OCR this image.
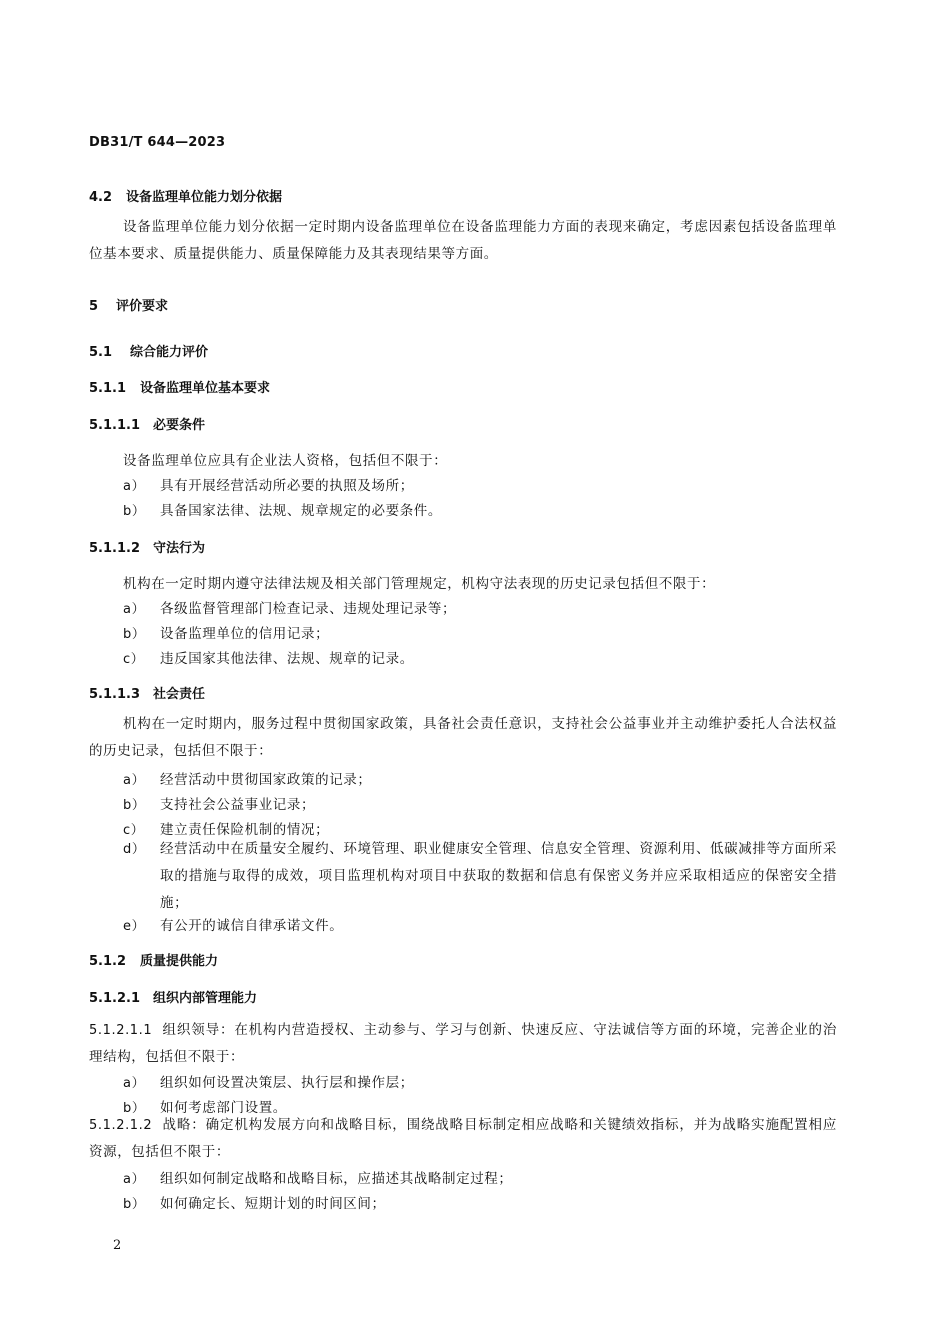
DB31/T 644—2023
4.2 设备监理单位能力划分依据
设备监理单位能力划分依据一定时期内设备监理单位在设备监理能力方面的表现来确定，考虑因素包括设备监理单位基本要求、质量提供能力、质量保障能力及其表现结果等方面。
5 评价要求
5.1 综合能力评价
5.1.1 设备监理单位基本要求
5.1.1.1 必要条件
设备监理单位应具有企业法人资格，包括但不限于：
a） 具有开展经营活动所必要的执照及场所；
b） 具备国家法律、法规、规章规定的必要条件。
5.1.1.2 守法行为
机构在一定时期内遵守法律法规及相关部门管理规定，机构守法表现的历史记录包括但不限于：
a） 各级监督管理部门检查记录、违规处理记录等；
b） 设备监理单位的信用记录；
c） 违反国家其他法律、法规、规章的记录。
5.1.1.3 社会责任
机构在一定时期内，服务过程中贯彻国家政策，具备社会责任意识，支持社会公益事业并主动维护委托人合法权益的历史记录，包括但不限于：
a） 经营活动中贯彻国家政策的记录；
b） 支持社会公益事业记录；
c） 建立责任保险机制的情况；
d）	经营活动中在质量安全履约、环境管理、职业健康安全管理、信息安全管理、资源利用、低碳减排等方面所采取的措施与取得的成效，项目监理机构对项目中获取的数据和信息有保密义务并应采取相适应的保密安全措施；
e） 有公开的诚信自律承诺文件。
5.1.2 质量提供能力
5.1.2.1 组织内部管理能力
5.1.2.1.1 组织领导：在机构内营造授权、主动参与、学习与创新、快速反应、守法诚信等方面的环境，完善企业的治理结构，包括但不限于：
a） 组织如何设置决策层、执行层和操作层；
b） 如何考虑部门设置。
5.1.2.1.2 战略：确定机构发展方向和战略目标，围绕战略目标制定相应战略和关键绩效指标，并为战略实施配置相应资源，包括但不限于：
a） 组织如何制定战略和战略目标，应描述其战略制定过程；
b） 如何确定长、短期计划的时间区间；
2
